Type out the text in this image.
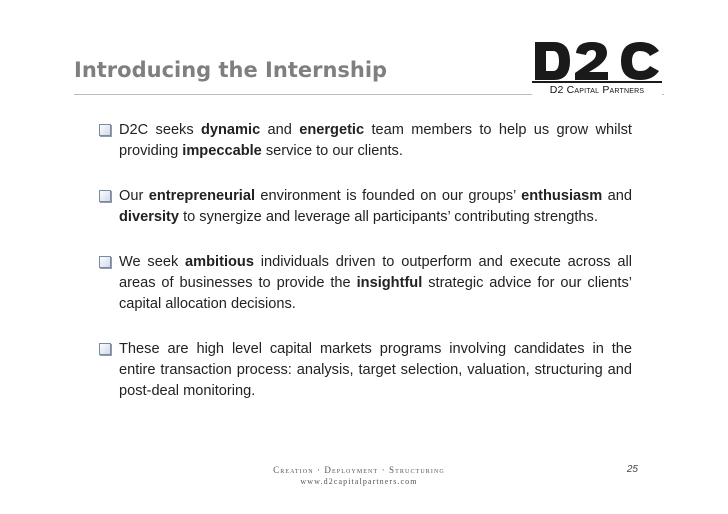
Introducing the Internship
D2 Capital Partners
D2C seeks dynamic and energetic team members to help us grow whilst providing impeccable service to our clients.
Our entrepreneurial environment is founded on our groups’ enthusiasm and diversity to synergize and leverage all participants’ contributing strengths.
We seek ambitious individuals driven to outperform and execute across all areas of businesses to provide the insightful strategic advice for our clients’ capital allocation decisions.
These are high level capital markets programs involving candidates in the entire transaction process: analysis, target selection, valuation, structuring and post-deal monitoring.
Creation · Deployment · Structuring
www.d2capitalpartners.com
25
